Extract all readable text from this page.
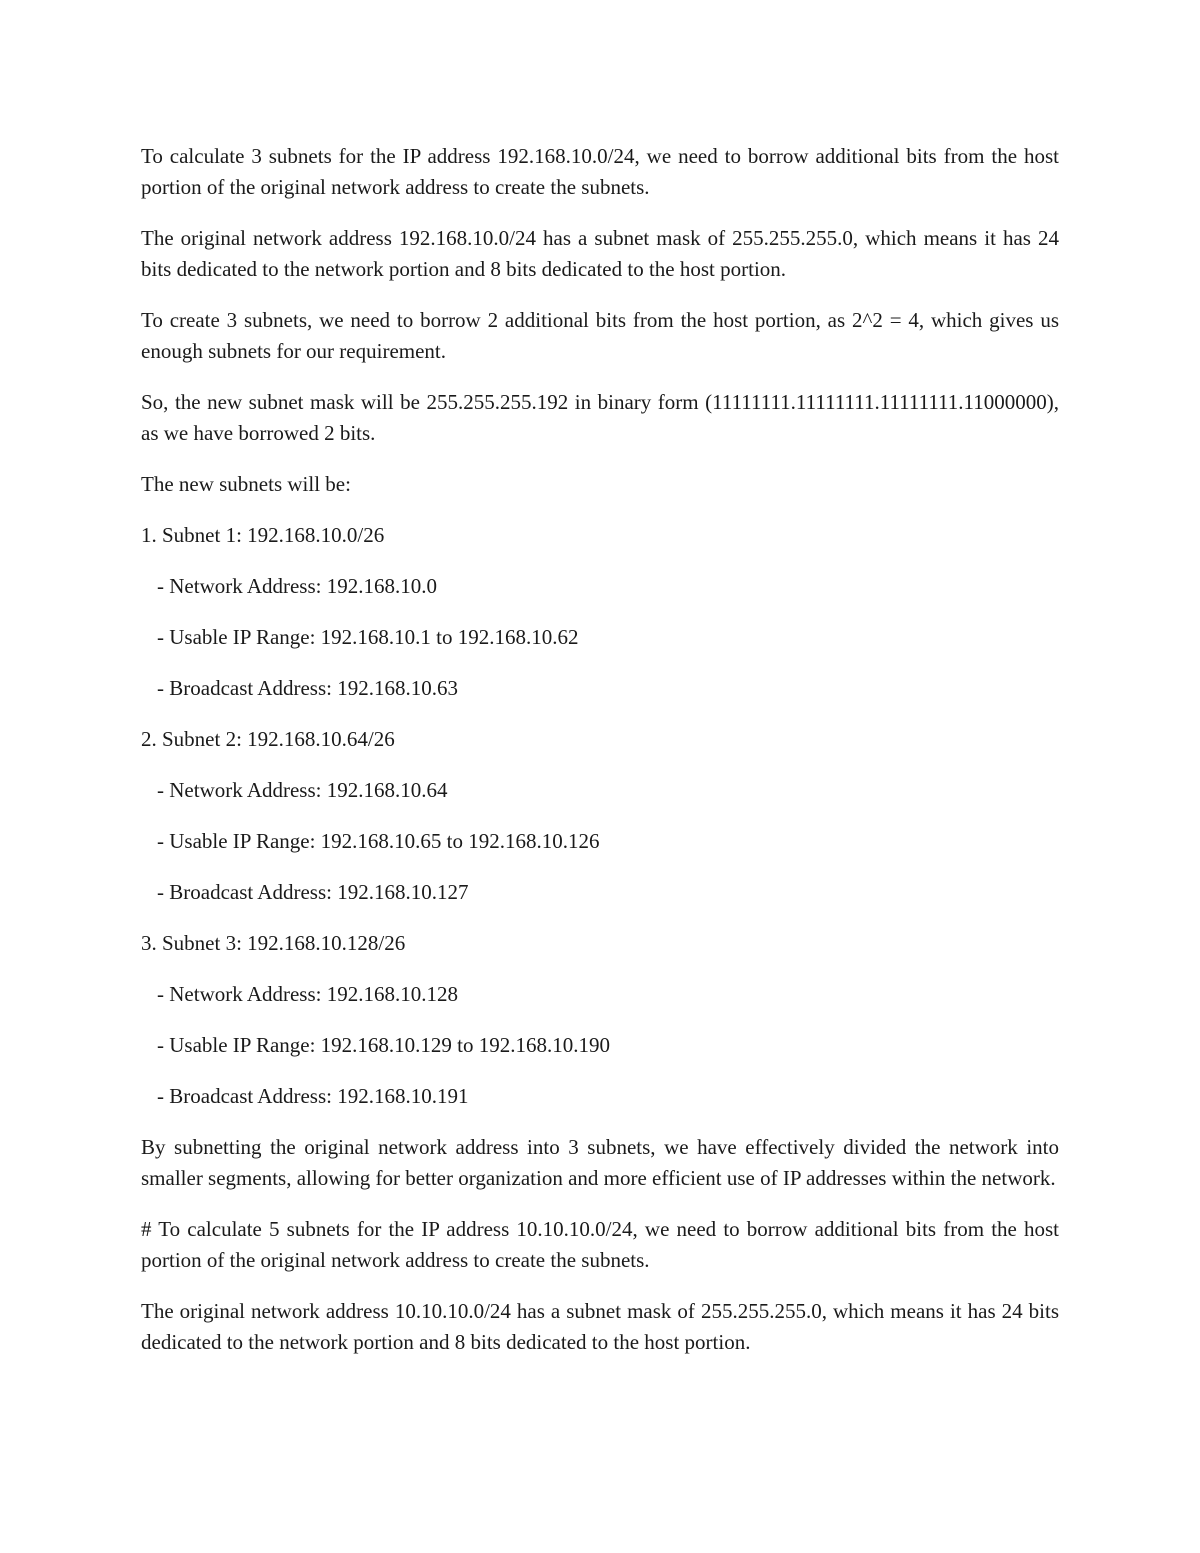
To calculate 3 subnets for the IP address 192.168.10.0/24, we need to borrow additional bits from the host portion of the original network address to create the subnets.

The original network address 192.168.10.0/24 has a subnet mask of 255.255.255.0, which means it has 24 bits dedicated to the network portion and 8 bits dedicated to the host portion.

To create 3 subnets, we need to borrow 2 additional bits from the host portion, as 2^2 = 4, which gives us enough subnets for our requirement.

So, the new subnet mask will be 255.255.255.192 in binary form (11111111.11111111.11111111.11000000), as we have borrowed 2 bits.

The new subnets will be:

1. Subnet 1: 192.168.10.0/26

- Network Address: 192.168.10.0

- Usable IP Range: 192.168.10.1 to 192.168.10.62

- Broadcast Address: 192.168.10.63

2. Subnet 2: 192.168.10.64/26

- Network Address: 192.168.10.64

- Usable IP Range: 192.168.10.65 to 192.168.10.126

- Broadcast Address: 192.168.10.127

3. Subnet 3: 192.168.10.128/26

- Network Address: 192.168.10.128

- Usable IP Range: 192.168.10.129 to 192.168.10.190

- Broadcast Address: 192.168.10.191

By subnetting the original network address into 3 subnets, we have effectively divided the network into smaller segments, allowing for better organization and more efficient use of IP addresses within the network.

# To calculate 5 subnets for the IP address 10.10.10.0/24, we need to borrow additional bits from the host portion of the original network address to create the subnets.

The original network address 10.10.10.0/24 has a subnet mask of 255.255.255.0, which means it has 24 bits dedicated to the network portion and 8 bits dedicated to the host portion.
